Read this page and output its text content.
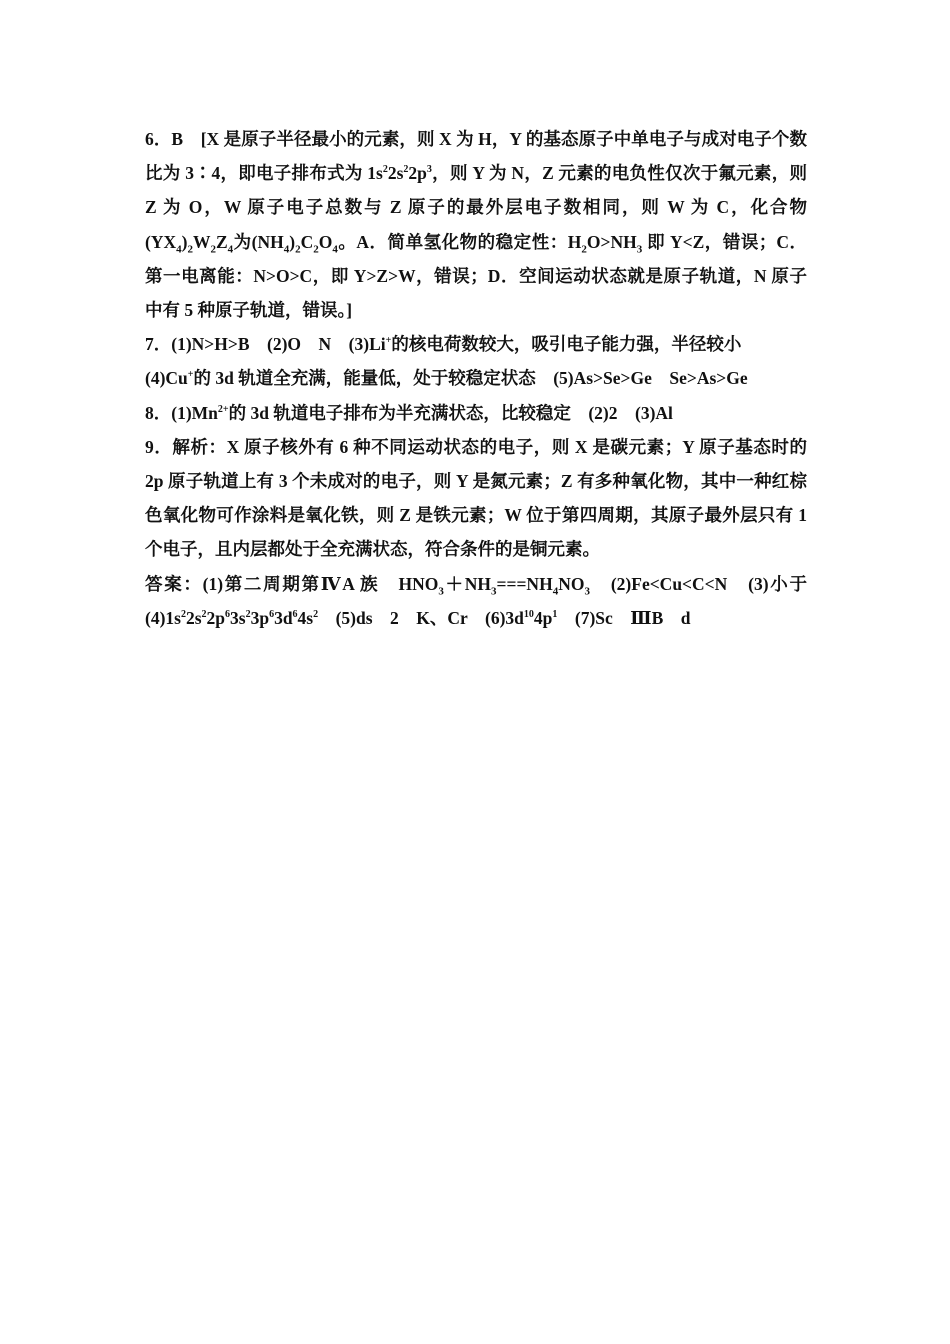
6．B　[X 是原子半径最小的元素，则 X 为 H，Y 的基态原子中单电子与成对电子个数比为 3∶4，即电子排布式为 $1s^22s^22p^3$，则 Y 为 N，Z 元素的电负性仅次于氟元素，则 Z 为 O，W 原子电子总数与 Z 原子的最外层电子数相同，则 W 为 C，化合物$(YX_4)_2W_2Z_4$为$(NH_4)_2C_2O_4$。A．简单氢化物的稳定性：$H_2O>NH_3$ 即 Y<Z，错误；C．第一电离能：N>O>C，即 Y>Z>W，错误；D．空间运动状态就是原子轨道，N 原子中有 5 种原子轨道，错误。]
7．(1)N>H>B　(2)O　N　(3)Li+的核电荷数较大，吸引电子能力强，半径较小
(4)Cu+的 3d 轨道全充满，能量低，处于较稳定状态　(5)As>Se>Ge　Se>As>Ge
8．$(1)Mn^{2+}$的 3d 轨道电子排布为半充满状态，比较稳定　(2)2　(3)Al
9．解析：X 原子核外有 6 种不同运动状态的电子，则 X 是碳元素；Y 原子基态时的 2p 原子轨道上有 3 个未成对的电子，则 Y 是氮元素；Z 有多种氧化物，其中一种红棕色氧化物可作涂料是氧化铁，则 Z 是铁元素；W 位于第四周期，其原子最外层只有 1 个电子，且内层都处于全充满状态，符合条件的是铜元素。
答案：(1)第二周期第ⅣA 族　$HNO_3+NH_3===NH_4NO_3$　(2)Fe<Cu<C<N　(3)小于　$(4)1s^22s^22p^63s^23p^63d^64s^2$　(5)ds　2　K、Cr　$(6)3d^{10}4p^1$　(7)Sc　ⅢB　d
